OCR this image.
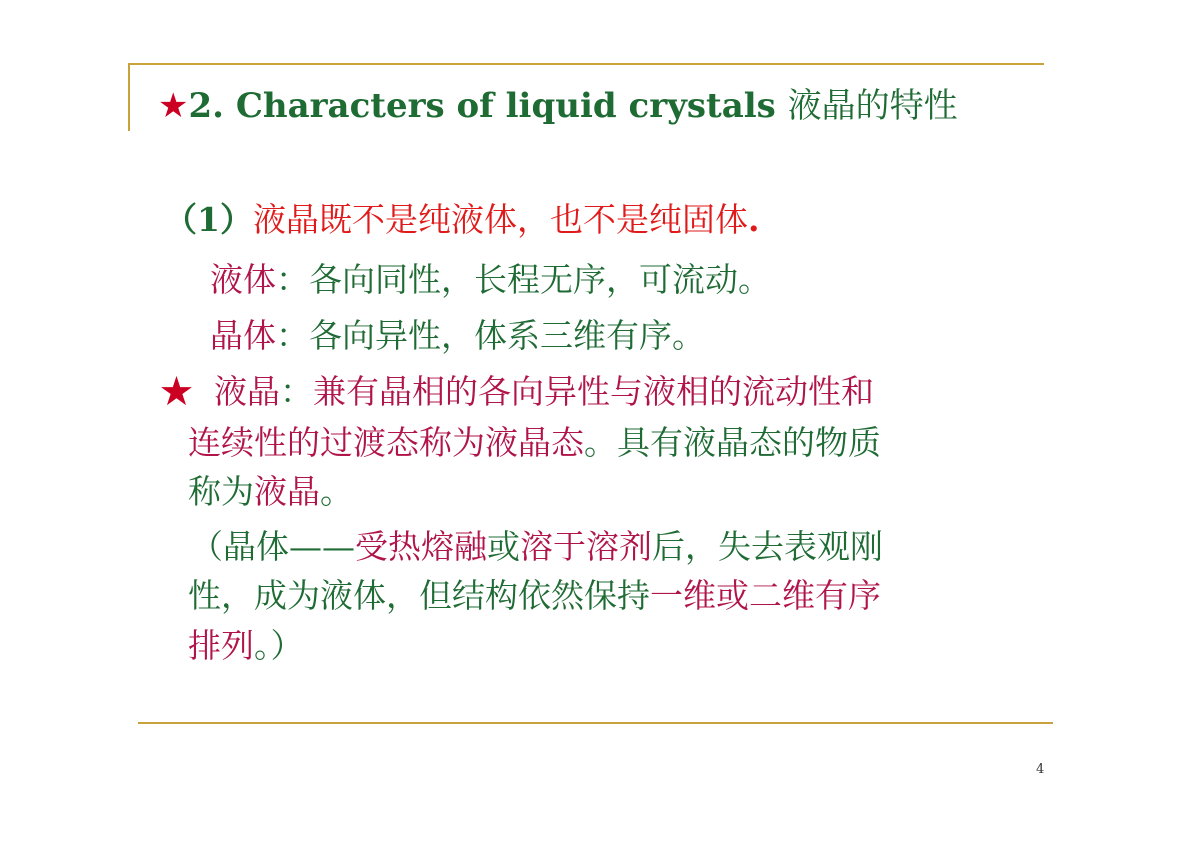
★2. Characters of liquid crystals 液晶的特性

（1）液晶既不是纯液体，也不是纯固体.

液体：各向同性，长程无序，可流动。

晶体：各向异性，体系三维有序。

★ 液晶：兼有晶相的各向异性与液相的流动性和

连续性的过渡态称为液晶态。具有液晶态的物质

称为液晶。

（晶体——受热熔融或溶于溶剂后，失去表观刚

性，成为液体，但结构依然保持一维或二维有序

排列。）

4
